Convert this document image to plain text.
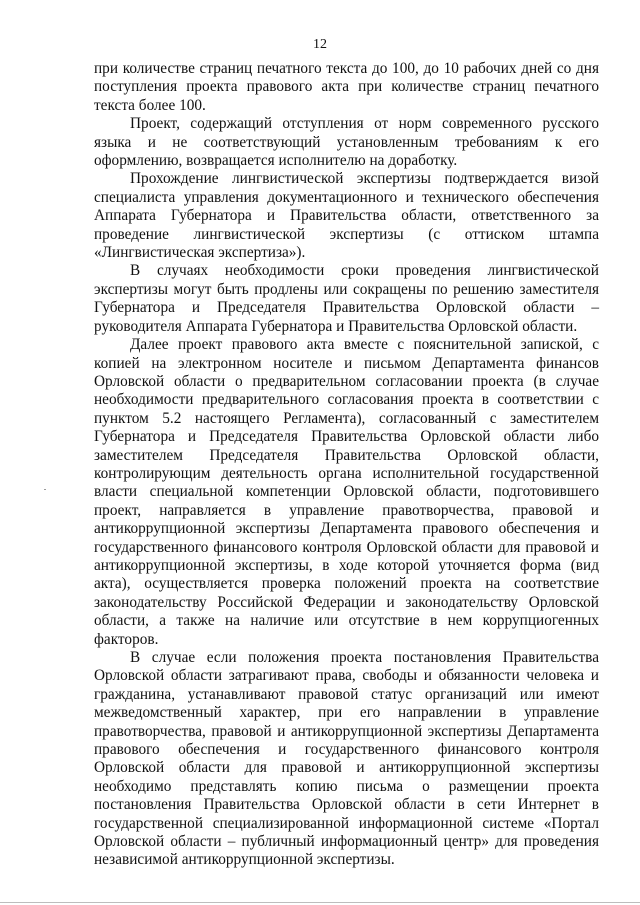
12

при количестве страниц печатного текста до 100, до 10 рабочих дней со дня поступления проекта правового акта при количестве страниц печатного текста более 100.

Проект, содержащий отступления от норм современного русского языка и не соответствующий установленным требованиям к его оформлению, возвращается исполнителю на доработку.

Прохождение лингвистической экспертизы подтверждается визой специалиста управления документационного и технического обеспечения Аппарата Губернатора и Правительства области, ответственного за проведение лингвистической экспертизы (с оттиском штампа «Лингвистическая экспертиза»).

В случаях необходимости сроки проведения лингвистической экспертизы могут быть продлены или сокращены по решению заместителя Губернатора и Председателя Правительства Орловской области – руководителя Аппарата Губернатора и Правительства Орловской области.

Далее проект правового акта вместе с пояснительной запиской, с копией на электронном носителе и письмом Департамента финансов Орловской области о предварительном согласовании проекта (в случае необходимости предварительного согласования проекта в соответствии с пунктом 5.2 настоящего Регламента), согласованный с заместителем Губернатора и Председателя Правительства Орловской области либо заместителем Председателя Правительства Орловской области, контролирующим деятельность органа исполнительной государственной власти специальной компетенции Орловской области, подготовившего проект, направляется в управление правотворчества, правовой и антикоррупционной экспертизы Департамента правового обеспечения и государственного финансового контроля Орловской области для правовой и антикоррупционной экспертизы, в ходе которой уточняется форма (вид акта), осуществляется проверка положений проекта на соответствие законодательству Российской Федерации и законодательству Орловской области, а также на наличие или отсутствие в нем коррупциогенных факторов.

В случае если положения проекта постановления Правительства Орловской области затрагивают права, свободы и обязанности человека и гражданина, устанавливают правовой статус организаций или имеют межведомственный характер, при его направлении в управление правотворчества, правовой и антикоррупционной экспертизы Департамента правового обеспечения и государственного финансового контроля Орловской области для правовой и антикоррупционной экспертизы необходимо представлять копию письма о размещении проекта постановления Правительства Орловской области в сети Интернет в государственной специализированной информационной системе «Портал Орловской области – публичный информационный центр» для проведения независимой антикоррупционной экспертизы.
